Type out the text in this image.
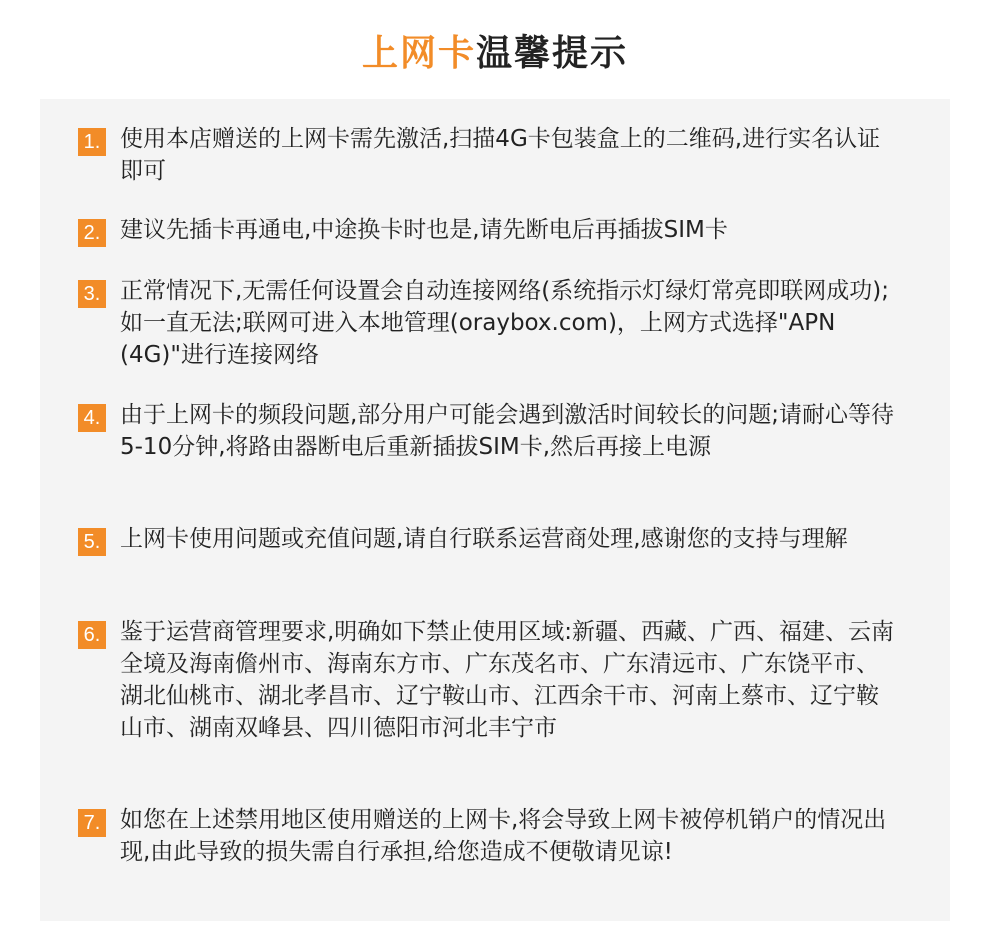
上网卡温馨提示
1. 使用本店赠送的上网卡需先激活,扫描4G卡包装盒上的二维码,进行实名认证即可
2. 建议先插卡再通电,中途换卡时也是,请先断电后再插拔SIM卡
3. 正常情况下,无需任何设置会自动连接网络(系统指示灯绿灯常亮即联网成功);如一直无法;联网可进入本地管理(oraybox.com)，上网方式选择"APN (4G)"进行连接网络
4. 由于上网卡的频段问题,部分用户可能会遇到激活时间较长的问题;请耐心等待5-10分钟,将路由器断电后重新插拔SIM卡,然后再接上电源
5. 上网卡使用问题或充值问题,请自行联系运营商处理,感谢您的支持与理解
6. 鉴于运营商管理要求,明确如下禁止使用区域:新疆、西藏、广西、福建、云南全境及海南儋州市、海南东方市、广东茂名市、广东清远市、广东饶平市、湖北仙桃市、湖北孝昌市、辽宁鞍山市、江西余干市、河南上蔡市、辽宁鞍山市、湖南双峰县、四川德阳市河北丰宁市
7. 如您在上述禁用地区使用赠送的上网卡,将会导致上网卡被停机销户的情况出现,由此导致的损失需自行承担,给您造成不便敬请见谅!
